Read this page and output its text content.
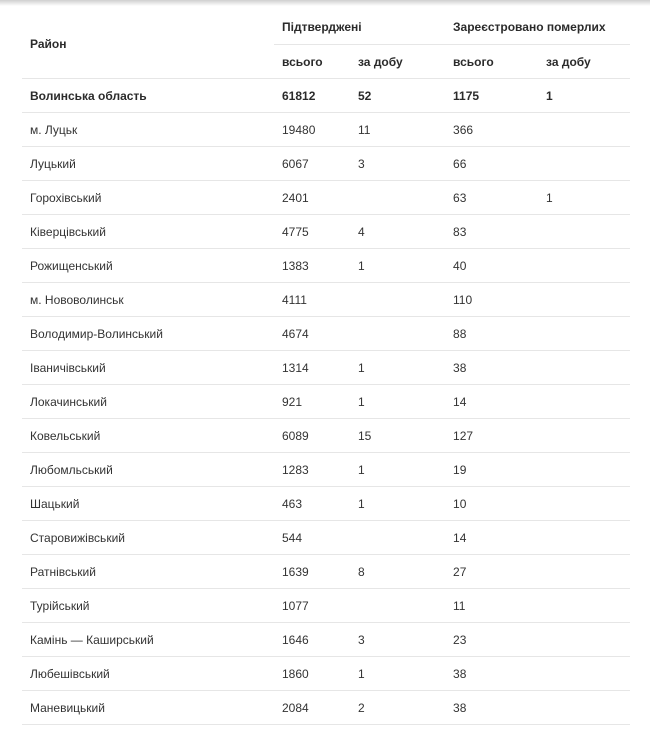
Район	Підтверджені		Зареєстровано померлих	
	всього	за добу	всього	за добу
Волинська область	61812	52	1175	1
м. Луцьк	19480	11	366	
Луцький	6067	3	66	
Горохівський	2401		63	1
Ківерцівський	4775	4	83	
Рожищенський	1383	1	40	
м. Нововолинськ	4111		110	
Володимир-Волинський	4674		88	
Іваничівський	1314	1	38	
Локачинський	921	1	14	
Ковельський	6089	15	127	
Любомльський	1283	1	19	
Шацький	463	1	10	
Старовижівський	544		14	
Ратнівський	1639	8	27	
Турійський	1077		11	
Камінь — Каширський	1646	3	23	
Любешівський	1860	1	38	
Маневицький	2084	2	38	
